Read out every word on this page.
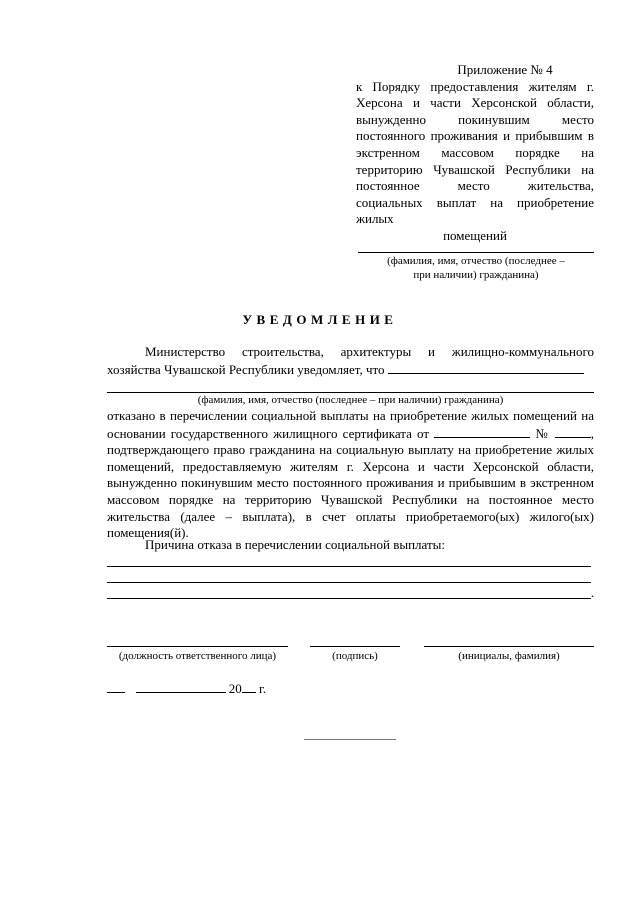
Приложение № 4
к Порядку предоставления жителям г. Херсона и части Херсонской области, вынужденно покинувшим место постоянного проживания и прибывшим в экстренном массовом порядке на территорию Чувашской Республики на постоянное место жительства, социальных выплат на приобретение жилых
помещений
(фамилия, имя, отчество (последнее –
при наличии) гражданина)
УВЕДОМЛЕНИЕ
Министерство строительства, архитектуры и жилищно-коммунального хозяйства Чувашской Республики уведомляет, что
(фамилия, имя, отчество (последнее – при наличии) гражданина)
отказано в перечислении социальной выплаты на приобретение жилых помещений на основании государственного жилищного сертификата от	№	, подтверждающего право гражданина на социальную выплату на приобретение жилых помещений, предоставляемую жителям г. Херсона и части Херсонской области, вынужденно покинувшим место постоянного проживания и прибывшим в экстренном массовом порядке на территорию Чувашской Республики на постоянное место жительства (далее – выплата), в счет оплаты приобретаемого(ых) жилого(ых) помещения(й).
Причина отказа в перечислении социальной выплаты:
.
(должность ответственного лица)	(подпись)	(инициалы, фамилия)
20 г.
